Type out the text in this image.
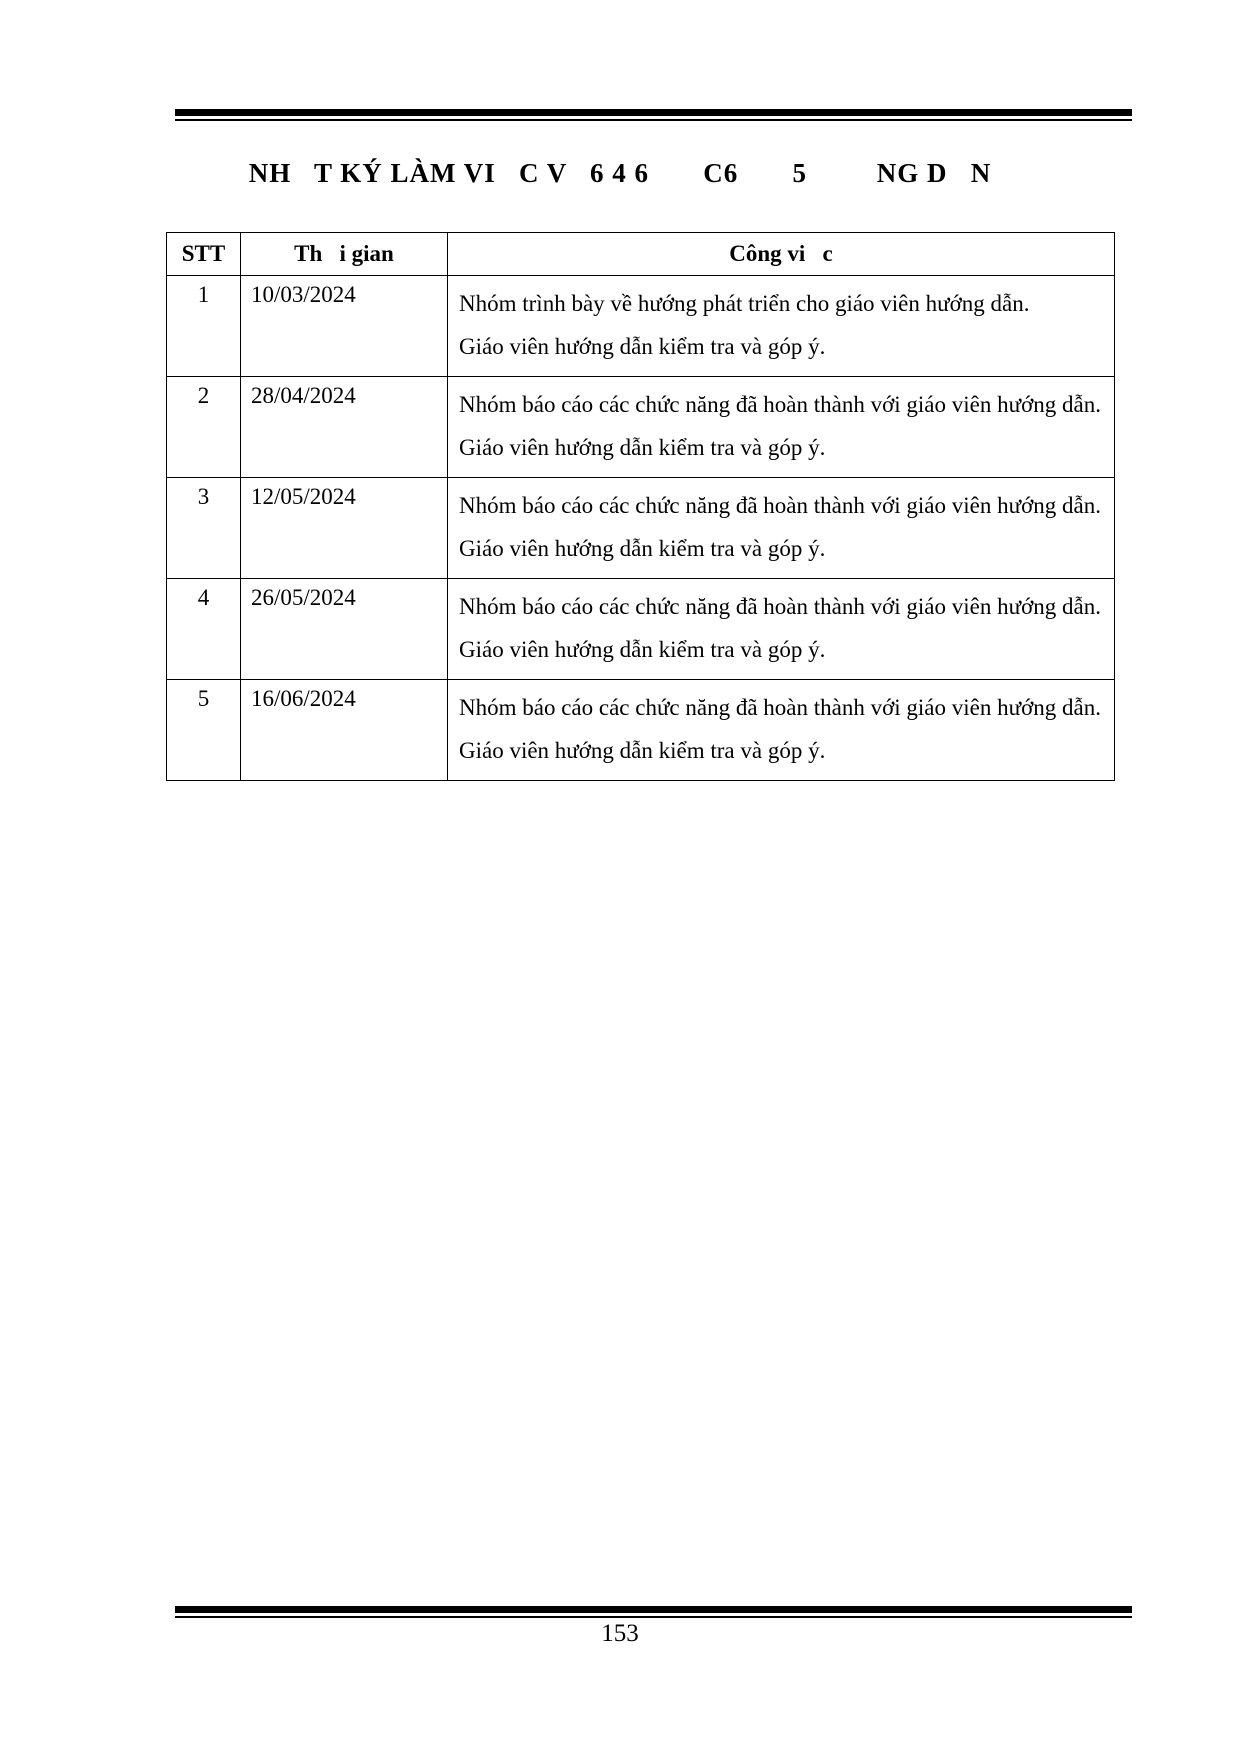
NH   T KÝ LÀM VI   C V   6 4 6       C6       5         NG D   N
STT	Th   i gian	Công vi   c
1	10/03/2024	Nhóm trình bày về hướng phát triển cho giáo viên hướng dẫn.
Giáo viên hướng dẫn kiểm tra và góp ý.

2	28/04/2024	Nhóm báo cáo các chức năng đã hoàn thành với giáo viên hướng dẫn.
Giáo viên hướng dẫn kiểm tra và góp ý.

3	12/05/2024	Nhóm báo cáo các chức năng đã hoàn thành với giáo viên hướng dẫn.
Giáo viên hướng dẫn kiểm tra và góp ý.

4	26/05/2024	Nhóm báo cáo các chức năng đã hoàn thành với giáo viên hướng dẫn.
Giáo viên hướng dẫn kiểm tra và góp ý.

5	16/06/2024	Nhóm báo cáo các chức năng đã hoàn thành với giáo viên hướng dẫn.
Giáo viên hướng dẫn kiểm tra và góp ý.
153
